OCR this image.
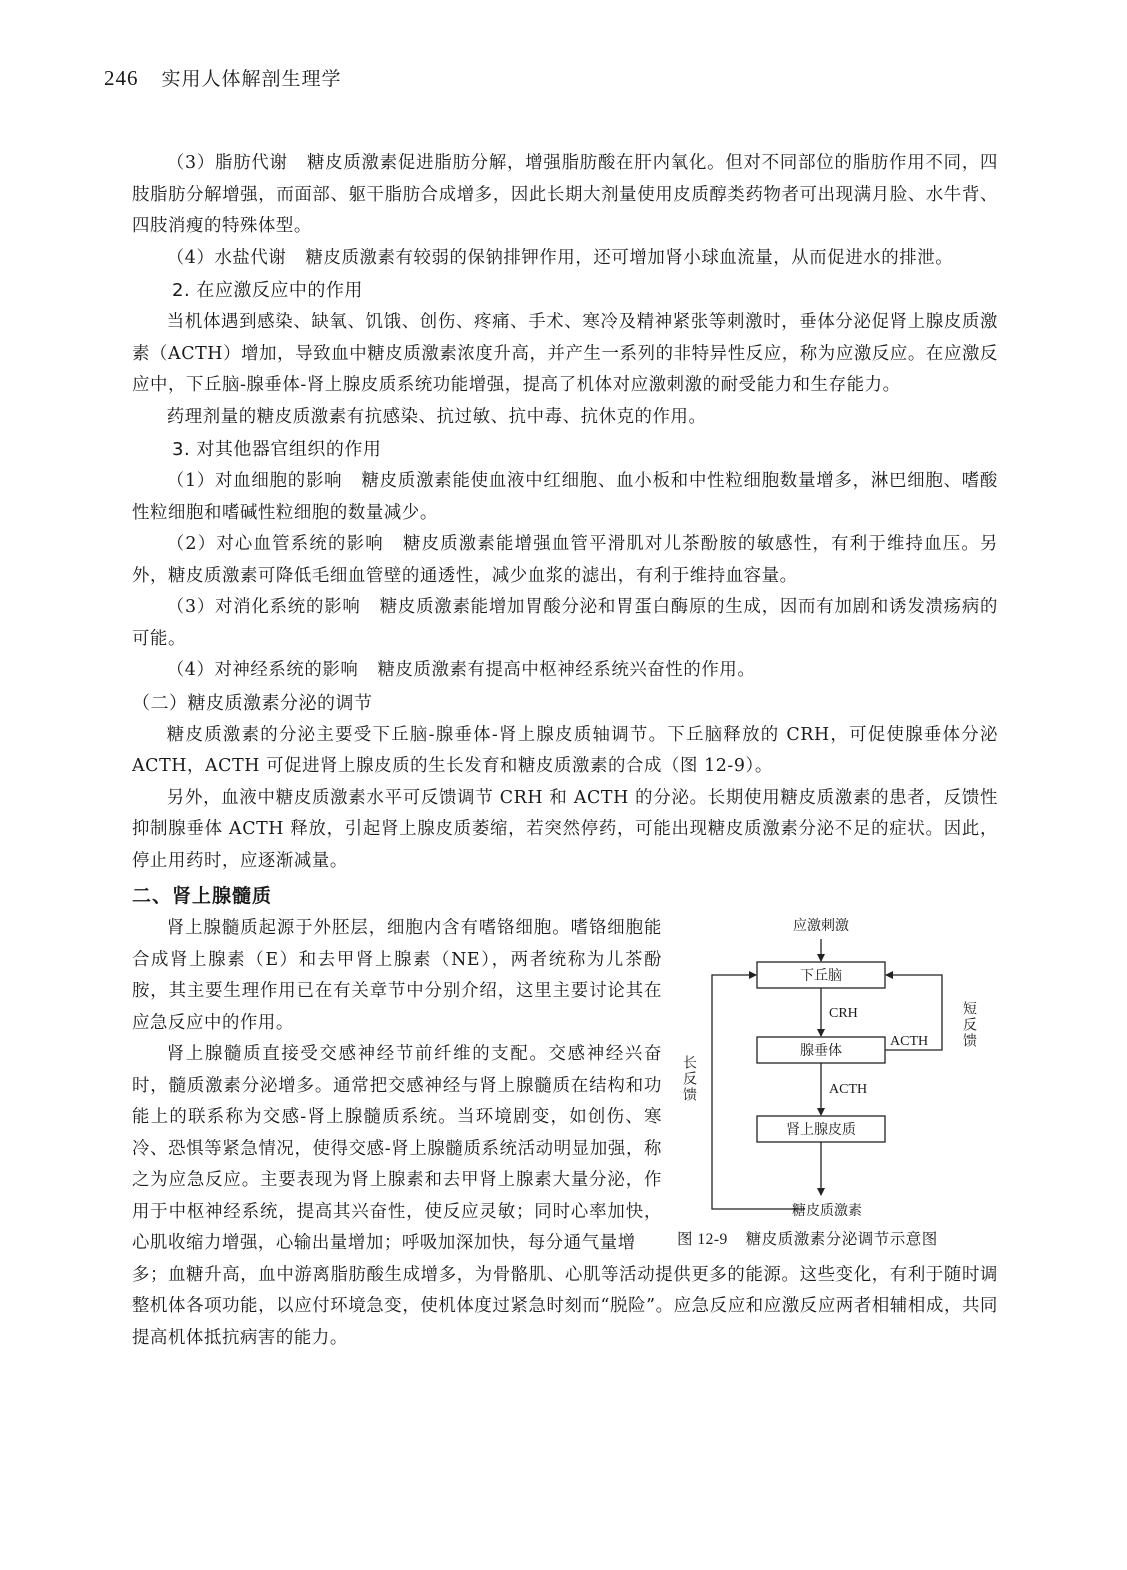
246 实用人体解剖生理学

（3）脂肪代谢 糖皮质激素促进脂肪分解，增强脂肪酸在肝内氧化。但对不同部位的脂肪作用不同，四肢脂肪分解增强，而面部、躯干脂肪合成增多，因此长期大剂量使用皮质醇类药物者可出现满月脸、水牛背、四肢消瘦的特殊体型。

（4）水盐代谢 糖皮质激素有较弱的保钠排钾作用，还可增加肾小球血流量，从而促进水的排泄。

2. 在应激反应中的作用

当机体遇到感染、缺氧、饥饿、创伤、疼痛、手术、寒冷及精神紧张等刺激时，垂体分泌促肾上腺皮质激素（ACTH）增加，导致血中糖皮质激素浓度升高，并产生一系列的非特异性反应，称为应激反应。在应激反应中，下丘脑-腺垂体-肾上腺皮质系统功能增强，提高了机体对应激刺激的耐受能力和生存能力。

药理剂量的糖皮质激素有抗感染、抗过敏、抗中毒、抗休克的作用。

3. 对其他器官组织的作用

（1）对血细胞的影响 糖皮质激素能使血液中红细胞、血小板和中性粒细胞数量增多，淋巴细胞、嗜酸性粒细胞和嗜碱性粒细胞的数量减少。

（2）对心血管系统的影响 糖皮质激素能增强血管平滑肌对儿茶酚胺的敏感性，有利于维持血压。另外，糖皮质激素可降低毛细血管壁的通透性，减少血浆的滤出，有利于维持血容量。

（3）对消化系统的影响 糖皮质激素能增加胃酸分泌和胃蛋白酶原的生成，因而有加剧和诱发溃疡病的可能。

（4）对神经系统的影响 糖皮质激素有提高中枢神经系统兴奋性的作用。

（二）糖皮质激素分泌的调节

糖皮质激素的分泌主要受下丘脑-腺垂体-肾上腺皮质轴调节。下丘脑释放的 CRH，可促使腺垂体分泌 ACTH，ACTH 可促进肾上腺皮质的生长发育和糖皮质激素的合成（图 12-9）。

另外，血液中糖皮质激素水平可反馈调节 CRH 和 ACTH 的分泌。长期使用糖皮质激素的患者，反馈性抑制腺垂体 ACTH 释放，引起肾上腺皮质萎缩，若突然停药，可能出现糖皮质激素分泌不足的症状。因此，停止用药时，应逐渐减量。

二、肾上腺髓质

肾上腺髓质起源于外胚层，细胞内含有嗜铬细胞。嗜铬细胞能合成肾上腺素（E）和去甲肾上腺素（NE），两者统称为儿茶酚胺，其主要生理作用已在有关章节中分别介绍，这里主要讨论其在应急反应中的作用。

肾上腺髓质直接受交感神经节前纤维的支配。交感神经兴奋时，髓质激素分泌增多。通常把交感神经与肾上腺髓质在结构和功能上的联系称为交感-肾上腺髓质系统。当环境剧变，如创伤、寒冷、恐惧等紧急情况，使得交感-肾上腺髓质系统活动明显加强，称之为应急反应。主要表现为肾上腺素和去甲肾上腺素大量分泌，作用于中枢神经系统，提高其兴奋性，使反应灵敏；同时心率加快，心肌收缩力增强，心输出量增加；呼吸加深加快，每分通气量增

应激刺激
下丘脑
CRH
腺垂体
ACTH
肾上腺皮质
糖皮质激素
ACTH 短反馈
长反馈
图 12-9 糖皮质激素分泌调节示意图

多；血糖升高，血中游离脂肪酸生成增多，为骨骼肌、心肌等活动提供更多的能源。这些变化，有利于随时调整机体各项功能，以应付环境急变，使机体度过紧急时刻而“脱险”。应急反应和应激反应两者相辅相成，共同提高机体抵抗病害的能力。
